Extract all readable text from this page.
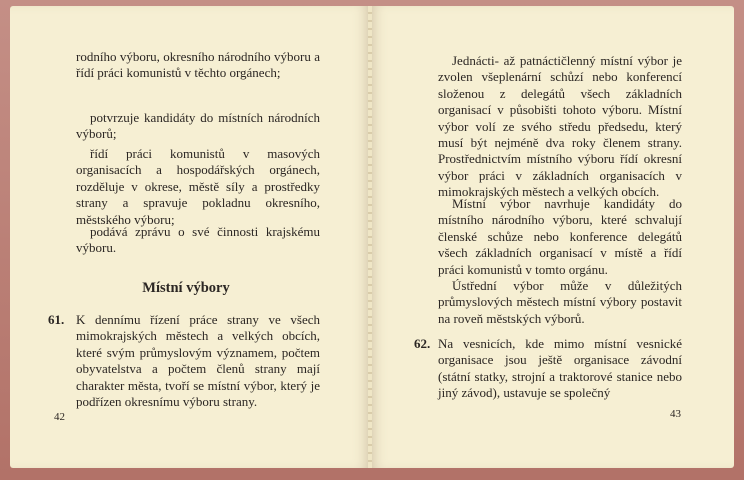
rodního výboru, okresního národního výboru a řídí práci komunistů v těchto orgánech;

potvrzuje kandidáty do místních národních výborů;

řídí práci komunistů v masových organisacích a hospodářských orgánech, rozděluje v okrese, městě síly a prostředky strany a spravuje pokladnu okresního, městského výboru;

podává zprávu o své činnosti krajskému výboru.

Místní výbory
61. K dennímu řízení práce strany ve všech mimokrajských městech a velkých obcích, které svým průmyslovým významem, počtem obyvatelstva a počtem členů strany mají charakter města, tvoří se místní výbor, který je podřízen okresnímu výboru strany.

42

Jednácti- až patnáctičlenný místní výbor je zvolen všeplenární schůzí nebo konferencí složenou z delegátů všech základních organisací v působišti tohoto výboru. Místní výbor volí ze svého středu předsedu, který musí být nejméně dva roky členem strany. Prostřednictvím místního výboru řídí okresní výbor práci v základních organisacích v mimokrajských městech a velkých obcích.

Místní výbor navrhuje kandidáty do místního národního výboru, které schvalují členské schůze nebo konference delegátů všech základních organisací v místě a řídí práci komunistů v tomto orgánu.

Ústřední výbor může v důležitých průmyslových městech místní výbory postavit na roveň městských výborů.

62. Na vesnicích, kde mimo místní vesnické organisace jsou ještě organisace závodní (státní statky, strojní a traktorové stanice nebo jiný závod), ustavuje se společný

43
